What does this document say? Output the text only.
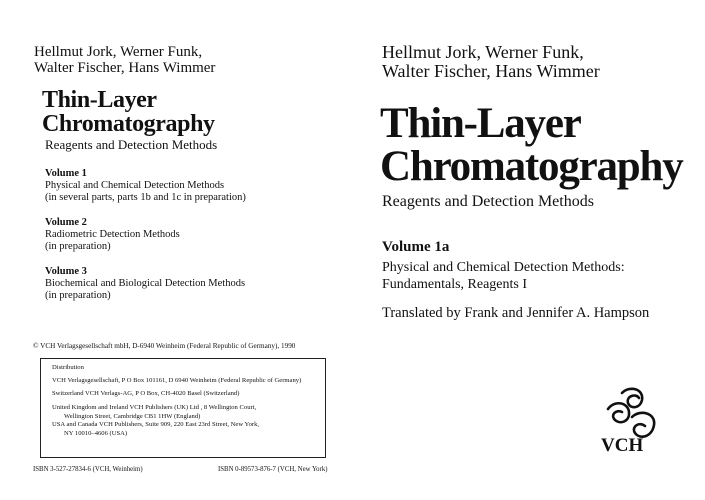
Hellmut Jork, Werner Funk,
Walter Fischer, Hans Wimmer
Thin-Layer
Chromatography
Reagents and Detection Methods
Volume 1
Physical and Chemical Detection Methods
(in several parts, parts 1b and 1c in preparation)
Volume 2
Radiometric Detection Methods
(in preparation)
Volume 3
Biochemical and Biological Detection Methods
(in preparation)
© VCH Verlagsgesellschaft mbH, D-6940 Weinheim (Federal Republic of Germany), 1990
Distribution
VCH Verlagsgesellschaft, P O Box 101161, D 6940 Weinheim (Federal Republic of Germany)
Switzerland VCH Verlags-AG, P O Box, CH-4020 Basel (Switzerland)
United Kingdom and Ireland VCH Publishers (UK) Ltd , 8 Wellington Court,
Wellington Street, Cambridge CB1 1HW (England)
USA and Canada VCH Publishers, Suite 909, 220 East 23rd Street, New York,
NY 10010–4606 (USA)
ISBN 3-527-27834-6 (VCH, Weinheim)	ISBN 0-89573-876-7 (VCH, New York)
Hellmut Jork, Werner Funk,
Walter Fischer, Hans Wimmer
Thin-Layer
Chromatography
Reagents and Detection Methods
Volume 1a
Physical and Chemical Detection Methods:
Fundamentals, Reagents I
Translated by Frank and Jennifer A. Hampson
VCH
